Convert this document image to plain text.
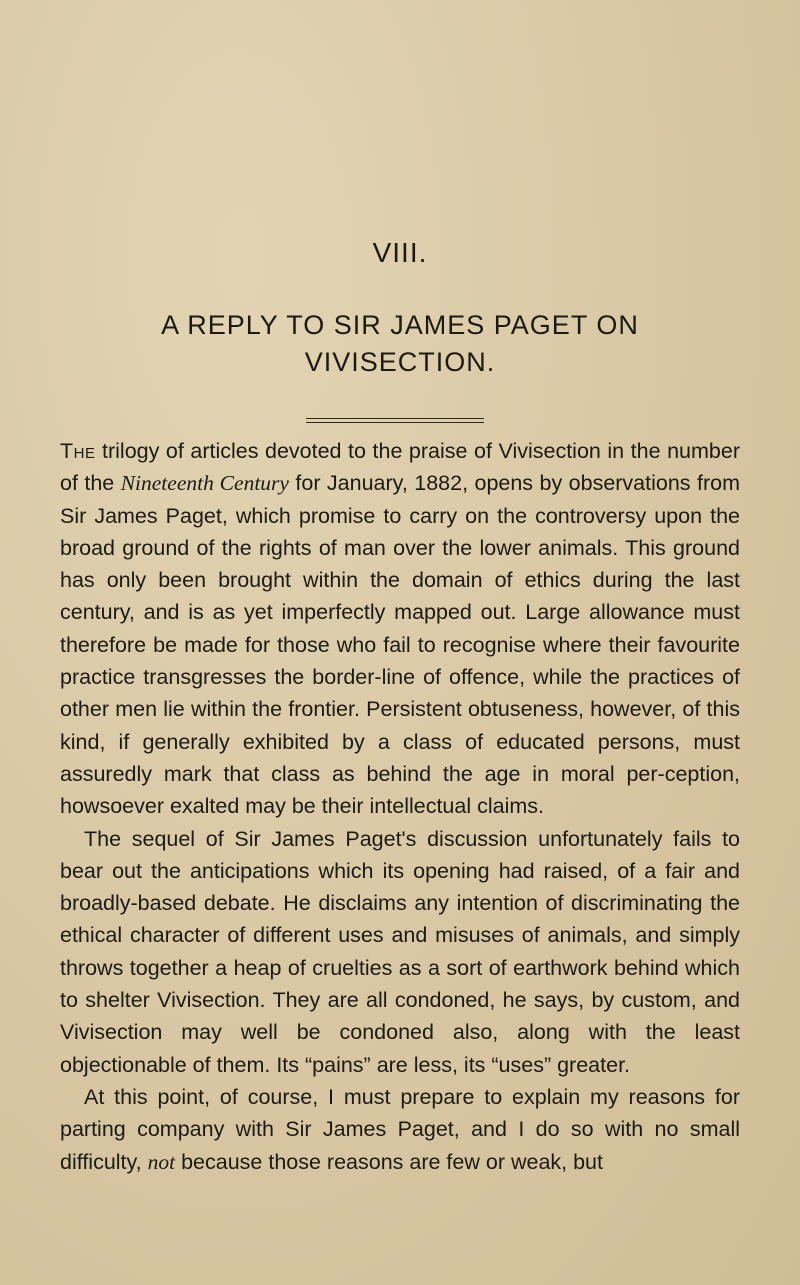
VIII.
A REPLY TO SIR JAMES PAGET ON
VIVISECTION.

The trilogy of articles devoted to the praise of Vivisection in the number of the Nineteenth Century for January, 1882, opens by observations from Sir James Paget, which promise to carry on the controversy upon the broad ground of the rights of man over the lower animals. This ground has only been brought within the domain of ethics during the last century, and is as yet imperfectly mapped out. Large allowance must therefore be made for those who fail to recognise where their favourite practice transgresses the border-line of offence, while the practices of other men lie within the frontier. Persistent obtuseness, however, of this kind, if generally exhibited by a class of educated persons, must assuredly mark that class as behind the age in moral per-ception, howsoever exalted may be their intellectual claims.

The sequel of Sir James Paget's discussion unfortunately fails to bear out the anticipations which its opening had raised, of a fair and broadly-based debate. He disclaims any intention of discriminating the ethical character of different uses and misuses of animals, and simply throws together a heap of cruelties as a sort of earthwork behind which to shelter Vivisection. They are all condoned, he says, by custom, and Vivisection may well be condoned also, along with the least objectionable of them. Its “pains” are less, its “uses” greater.

At this point, of course, I must prepare to explain my reasons for parting company with Sir James Paget, and I do so with no small difficulty, not because those reasons are few or weak, but
